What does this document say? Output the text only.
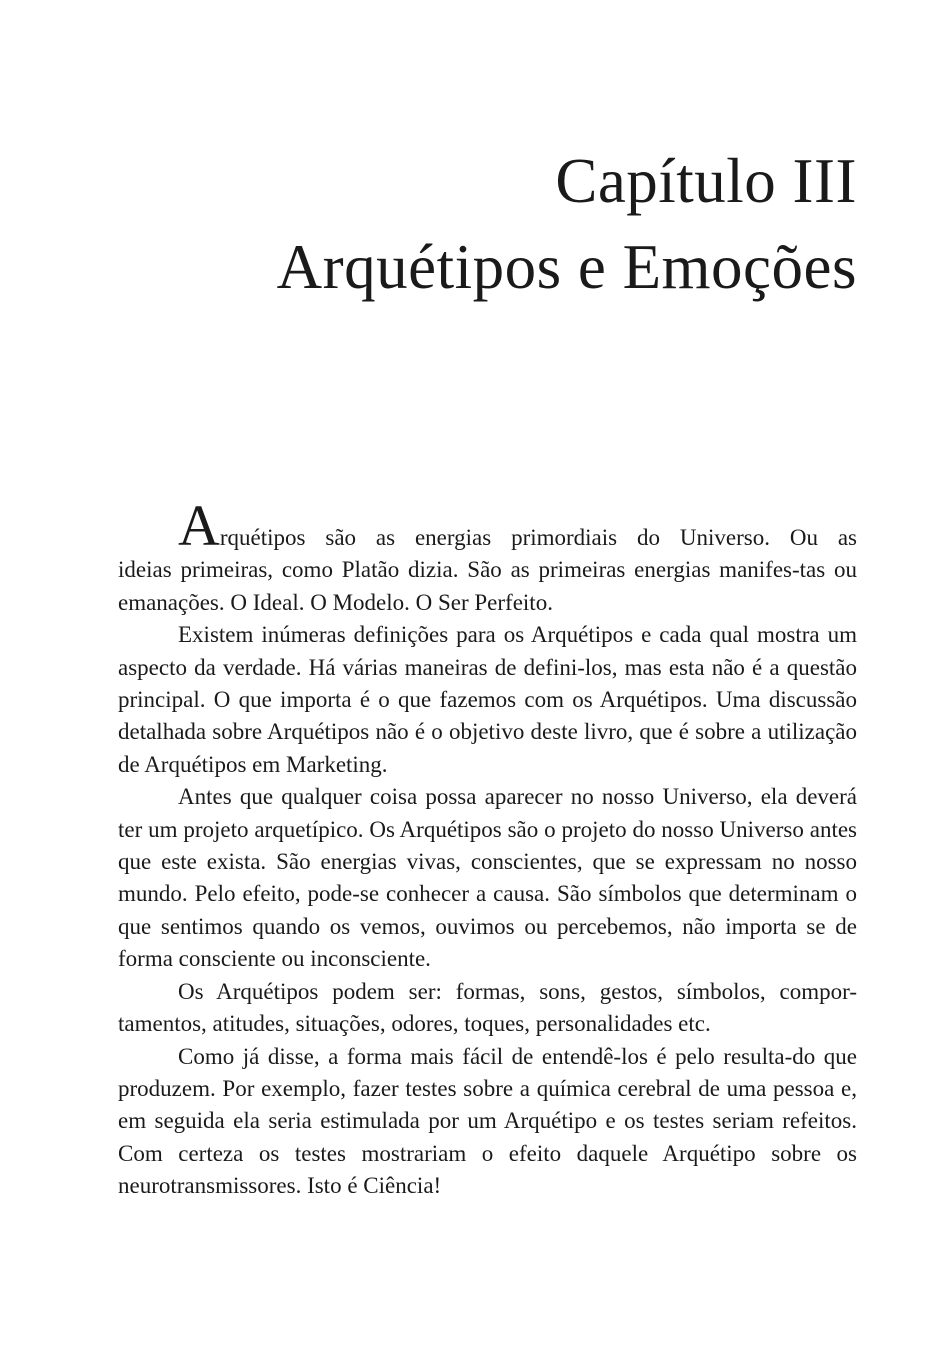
Capítulo III
Arquétipos e Emoções

Arquétipos são as energias primordiais do Universo. Ou as
ideias primeiras, como Platão dizia. São as primeiras energias manifes-tas ou emanações. O Ideal. O Modelo. O Ser Perfeito.

Existem inúmeras definições para os Arquétipos e cada qual mostra um aspecto da verdade. Há várias maneiras de defini-los, mas esta não é a questão principal. O que importa é o que fazemos com os Arquétipos. Uma discussão detalhada sobre Arquétipos não é o objetivo deste livro, que é sobre a utilização de Arquétipos em Marketing.

Antes que qualquer coisa possa aparecer no nosso Universo, ela deverá ter um projeto arquetípico. Os Arquétipos são o projeto do nosso Universo antes que este exista. São energias vivas, conscientes, que se expressam no nosso mundo. Pelo efeito, pode-se conhecer a causa. São símbolos que determinam o que sentimos quando os vemos, ouvimos ou percebemos, não importa se de forma consciente ou inconsciente.

Os Arquétipos podem ser: formas, sons, gestos, símbolos, compor-tamentos, atitudes, situações, odores, toques, personalidades etc.

Como já disse, a forma mais fácil de entendê-los é pelo resulta-do que produzem. Por exemplo, fazer testes sobre a química cerebral de uma pessoa e, em seguida ela seria estimulada por um Arquétipo e os testes seriam refeitos. Com certeza os testes mostrariam o efeito daquele Arquétipo sobre os neurotransmissores. Isto é Ciência!
